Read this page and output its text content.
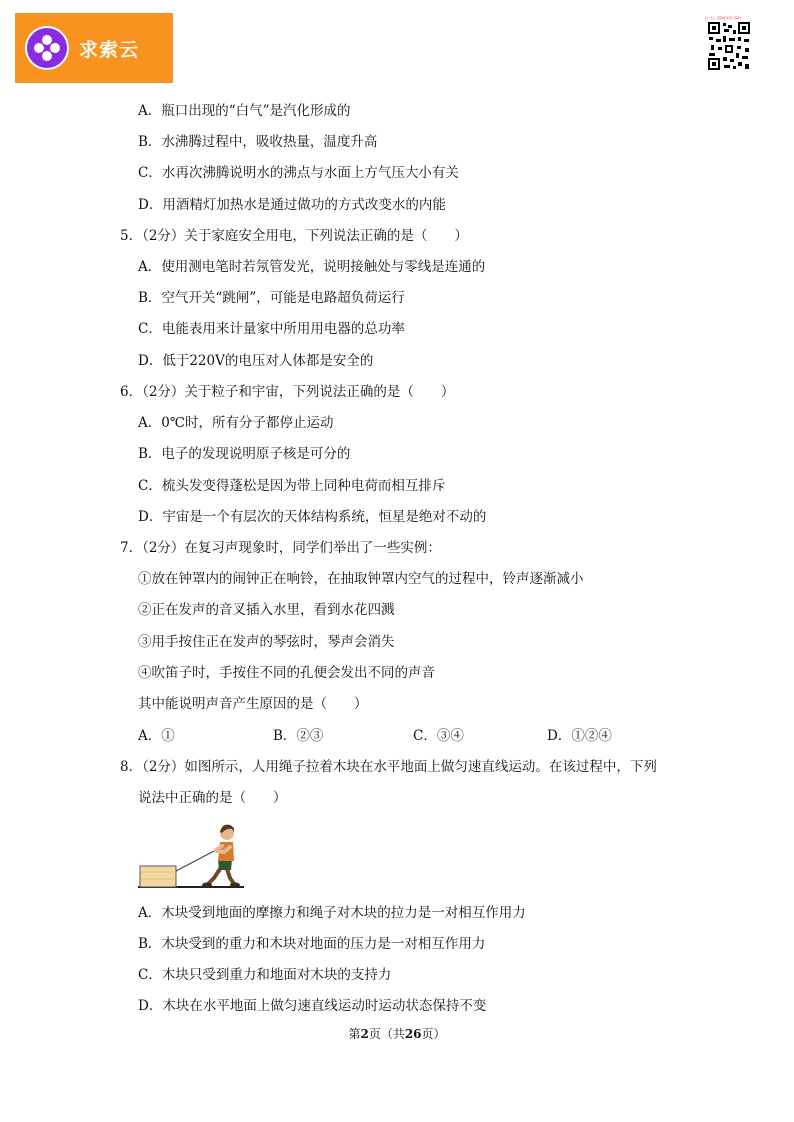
求索云
扫一扫，获取更多学习资料
A．瓶口出现的“白气”是汽化形成的
B．水沸腾过程中，吸收热量，温度升高
C．水再次沸腾说明水的沸点与水面上方气压大小有关
D．用酒精灯加热水是通过做功的方式改变水的内能
5．（2分）关于家庭安全用电，下列说法正确的是（　　）
A．使用测电笔时若氖管发光，说明接触处与零线是连通的
B．空气开关“跳闸”，可能是电路超负荷运行
C．电能表用来计量家中所用用电器的总功率
D．低于220V的电压对人体都是安全的
6．（2分）关于粒子和宇宙，下列说法正确的是（　　）
A．0℃时，所有分子都停止运动
B．电子的发现说明原子核是可分的
C．梳头发变得蓬松是因为带上同种电荷而相互排斥
D．宇宙是一个有层次的天体结构系统，恒星是绝对不动的
7．（2分）在复习声现象时，同学们举出了一些实例：
①放在钟罩内的闹钟正在响铃，在抽取钟罩内空气的过程中，铃声逐渐减小
②正在发声的音叉插入水里，看到水花四溅
③用手按住正在发声的琴弦时，琴声会消失
④吹笛子时，手按住不同的孔便会发出不同的声音
其中能说明声音产生原因的是（　　）
A．①	B．②③	C．③④	D．①②④
8．（2分）如图所示，人用绳子拉着木块在水平地面上做匀速直线运动。在该过程中，下列
说法中正确的是（　　）
A．木块受到地面的摩擦力和绳子对木块的拉力是一对相互作用力
B．木块受到的重力和木块对地面的压力是一对相互作用力
C．木块只受到重力和地面对木块的支持力
D．木块在水平地面上做匀速直线运动时运动状态保持不变
第2页（共26页）
